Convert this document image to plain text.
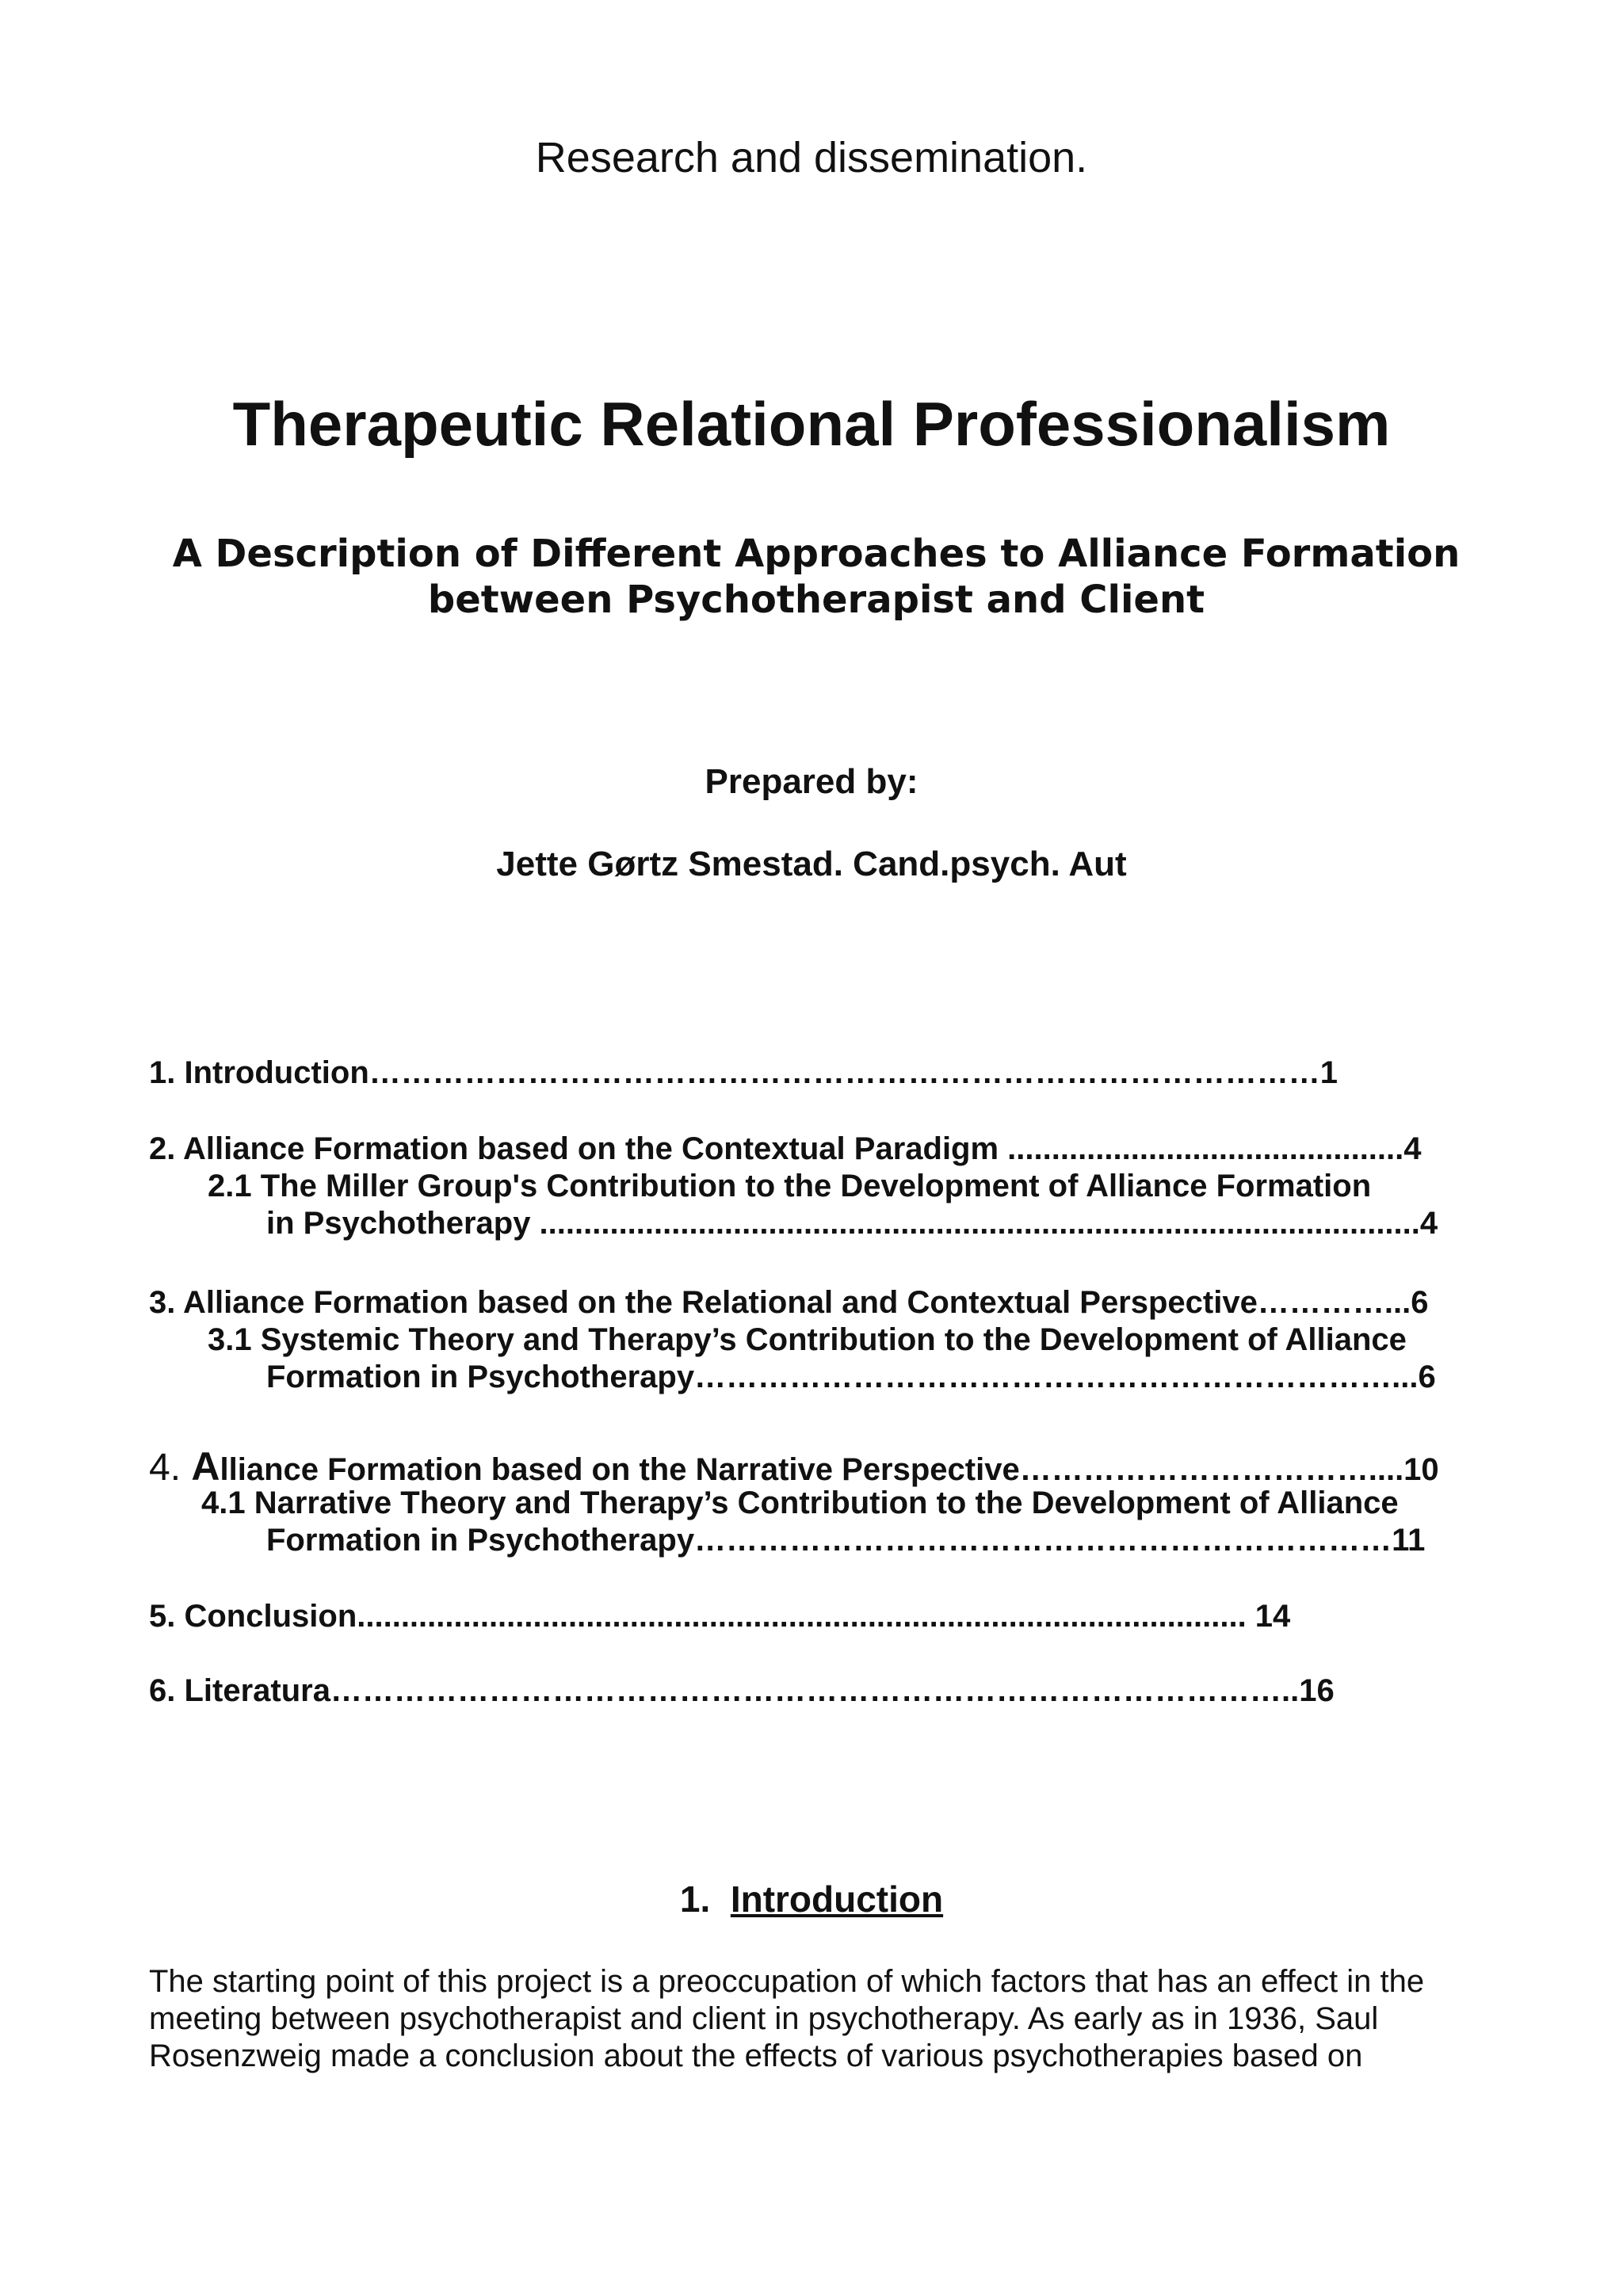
Research and dissemination.
Therapeutic Relational Professionalism
A Description of Different Approaches to Alliance Formation
between Psychotherapist and Client
Prepared by:
Jette Gørtz Smestad. Cand.psych. Aut
1. Introduction………………………………………………………………………………1
2. Alliance Formation based on the Contextual Paradigm .............................................4
2.1 The Miller Group's Contribution to the Development of Alliance Formation
in Psychotherapy ....................................................................................................4
3. Alliance Formation based on the Relational and Contextual Perspective…………...6
3.1 Systemic Theory and Therapy’s Contribution to the Development of Alliance
Formation in Psychotherapy…………………………………………………………...6
4. Alliance Formation based on the Narrative Perspective……………………………....10
4.1 Narrative Theory and Therapy’s Contribution to the Development of Alliance
Formation in Psychotherapy…………………………………………………………11
5. Conclusion..................................................................................................... 14
6. Literatura………………………………………………………………………………..16
1. Introduction
The starting point of this project is a preoccupation of which factors that has an effect in the
meeting between psychotherapist and client in psychotherapy. As early as in 1936, Saul
Rosenzweig made a conclusion about the effects of various psychotherapies based on
